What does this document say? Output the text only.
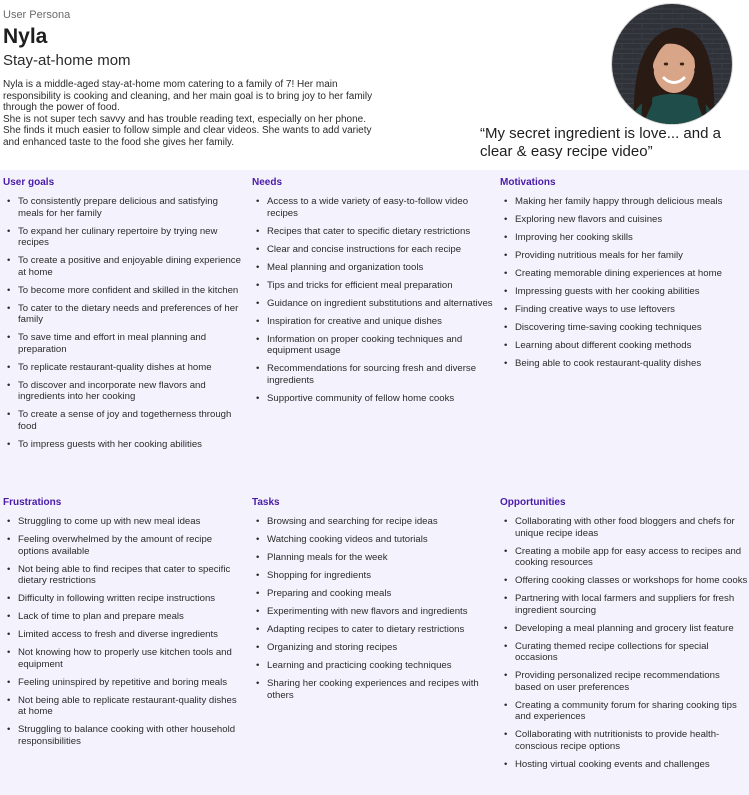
User Persona
Nyla
Stay-at-home mom

Nyla is a middle-aged stay-at-home mom catering to a family of 7! Her main responsibility is cooking and cleaning, and her main goal is to bring joy to her family through the power of food.

She is not super tech savvy and has trouble reading text, especially on her phone. She finds it much easier to follow simple and clear videos. She wants to add variety and enhanced taste to the food she gives her family.

“My secret ingredient is love... and a clear & easy recipe video”
User goals
• To consistently prepare delicious and satisfying meals for her family
• To expand her culinary repertoire by trying new recipes
• To create a positive and enjoyable dining experience at home
• To become more confident and skilled in the kitchen
• To cater to the dietary needs and preferences of her family
• To save time and effort in meal planning and preparation
• To replicate restaurant-quality dishes at home
• To discover and incorporate new flavors and ingredients into her cooking
• To create a sense of joy and togetherness through food
• To impress guests with her cooking abilities
Needs
• Access to a wide variety of easy-to-follow video recipes
• Recipes that cater to specific dietary restrictions
• Clear and concise instructions for each recipe
• Meal planning and organization tools
• Tips and tricks for efficient meal preparation
• Guidance on ingredient substitutions and alternatives
• Inspiration for creative and unique dishes
• Information on proper cooking techniques and equipment usage
• Recommendations for sourcing fresh and diverse ingredients
• Supportive community of fellow home cooks
Motivations
• Making her family happy through delicious meals
• Exploring new flavors and cuisines
• Improving her cooking skills
• Providing nutritious meals for her family
• Creating memorable dining experiences at home
• Impressing guests with her cooking abilities
• Finding creative ways to use leftovers
• Discovering time-saving cooking techniques
• Learning about different cooking methods
• Being able to cook restaurant-quality dishes
Frustrations
• Struggling to come up with new meal ideas
• Feeling overwhelmed by the amount of recipe options available
• Not being able to find recipes that cater to specific dietary restrictions
• Difficulty in following written recipe instructions
• Lack of time to plan and prepare meals
• Limited access to fresh and diverse ingredients
• Not knowing how to properly use kitchen tools and equipment
• Feeling uninspired by repetitive and boring meals
• Not being able to replicate restaurant-quality dishes at home
• Struggling to balance cooking with other household responsibilities
Tasks
• Browsing and searching for recipe ideas
• Watching cooking videos and tutorials
• Planning meals for the week
• Shopping for ingredients
• Preparing and cooking meals
• Experimenting with new flavors and ingredients
• Adapting recipes to cater to dietary restrictions
• Organizing and storing recipes
• Learning and practicing cooking techniques
• Sharing her cooking experiences and recipes with others
Opportunities
• Collaborating with other food bloggers and chefs for unique recipe ideas
• Creating a mobile app for easy access to recipes and cooking resources
• Offering cooking classes or workshops for home cooks
• Partnering with local farmers and suppliers for fresh ingredient sourcing
• Developing a meal planning and grocery list feature
• Curating themed recipe collections for special occasions
• Providing personalized recipe recommendations based on user preferences
• Creating a community forum for sharing cooking tips and experiences
• Collaborating with nutritionists to provide health-conscious recipe options
• Hosting virtual cooking events and challenges
